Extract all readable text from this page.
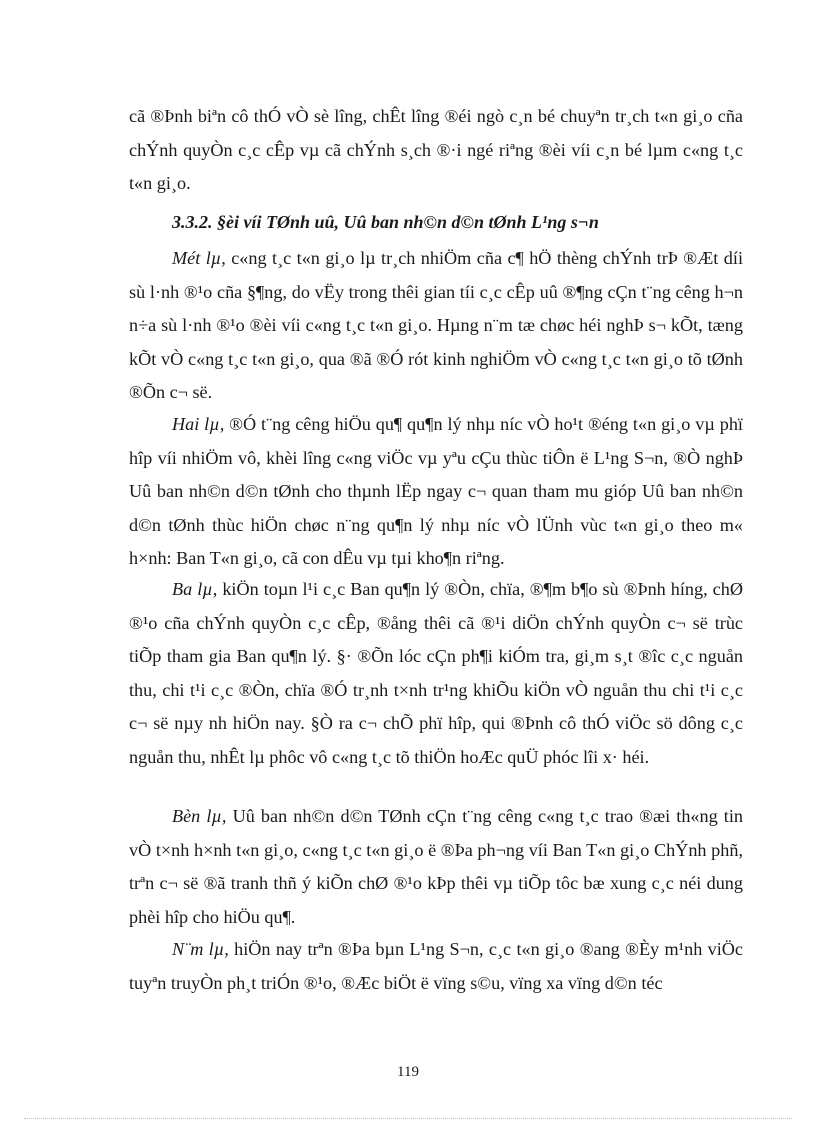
cã ®Þnh biªn cô thÓ vÒ sè lîng, chÊt lîng ®éi ngò c¸n bé chuyªn tr¸ch t«n gi¸o cña chÝnh quyÒn c¸c cÊp vµ cã chÝnh s¸ch ®·i ngé riªng ®èi víi c¸n bé lµm c«ng t¸c t«n gi¸o.

3.3.2. §èi víi TØnh uû, Uû ban nh©n d©n tØnh L¹ng s¬n

Mét lµ, c«ng t¸c t«n gi¸o lµ tr¸ch nhiÖm cña c¶ hÖ thèng chÝnh trÞ ®Æt díi sù l·nh ®¹o cña §¶ng, do vËy trong thêi gian tíi c¸c cÊp uû ®¶ng cÇn t¨ng cêng h¬n n÷a sù l·nh ®¹o ®èi víi c«ng t¸c t«n gi¸o. Hµng n¨m tæ chøc héi nghÞ s¬ kÕt, tæng kÕt vÒ c«ng t¸c t«n gi¸o, qua ®ã ®Ó rót kinh nghiÖm vÒ c«ng t¸c t«n gi¸o tõ tØnh ®Õn c¬ së.

Hai lµ, ®Ó t¨ng cêng hiÖu qu¶ qu¶n lý nhµ níc vÒ ho¹t ®éng t«n gi¸o vµ phï hîp víi nhiÖm vô, khèi lîng c«ng viÖc vµ yªu cÇu thùc tiÔn ë L¹ng S¬n, ®Ò nghÞ Uû ban nh©n d©n tØnh cho thµnh lËp ngay c¬ quan tham mu gióp Uû ban nh©n d©n tØnh thùc hiÖn chøc n¨ng qu¶n lý nhµ níc vÒ lÜnh vùc t«n gi¸o theo m« h×nh: Ban T«n gi¸o, cã con dÊu vµ tµi kho¶n riªng.

Ba lµ, kiÖn toµn l¹i c¸c Ban qu¶n lý ®Òn, chïa, ®¶m b¶o sù ®Þnh híng, chØ ®¹o cña chÝnh quyÒn c¸c cÊp, ®ång thêi cã ®¹i diÖn chÝnh quyÒn c¬ së trùc tiÕp tham gia Ban qu¶n lý. §· ®Õn lóc cÇn ph¶i kiÓm tra, gi¸m s¸t ®îc c¸c nguån thu, chi t¹i c¸c ®Òn, chïa ®Ó tr¸nh t×nh tr¹ng khiÕu kiÖn vÒ nguån thu chi t¹i c¸c c¬ së nµy nh hiÖn nay. §Ò ra c¬ chÕ phï hîp, qui ®Þnh cô thÓ viÖc sö dông c¸c nguån thu, nhÊt lµ phôc vô c«ng t¸c tõ thiÖn hoÆc quÜ phóc lîi x· héi.

Bèn lµ, Uû ban nh©n d©n TØnh cÇn t¨ng cêng c«ng t¸c trao ®æi th«ng tin vÒ t×nh h×nh t«n gi¸o, c«ng t¸c t«n gi¸o ë ®Þa ph¬ng víi Ban T«n gi¸o ChÝnh phñ, trªn c¬ së ®ã tranh thñ ý kiÕn chØ ®¹o kÞp thêi vµ tiÕp tôc bæ xung c¸c néi dung phèi hîp cho hiÖu qu¶.

N¨m lµ, hiÖn nay trªn ®Þa bµn L¹ng S¬n, c¸c t«n gi¸o ®ang ®Èy m¹nh viÖc tuyªn truyÒn ph¸t triÓn ®¹o, ®Æc biÖt ë vïng s©u, vïng xa vïng d©n téc

119
